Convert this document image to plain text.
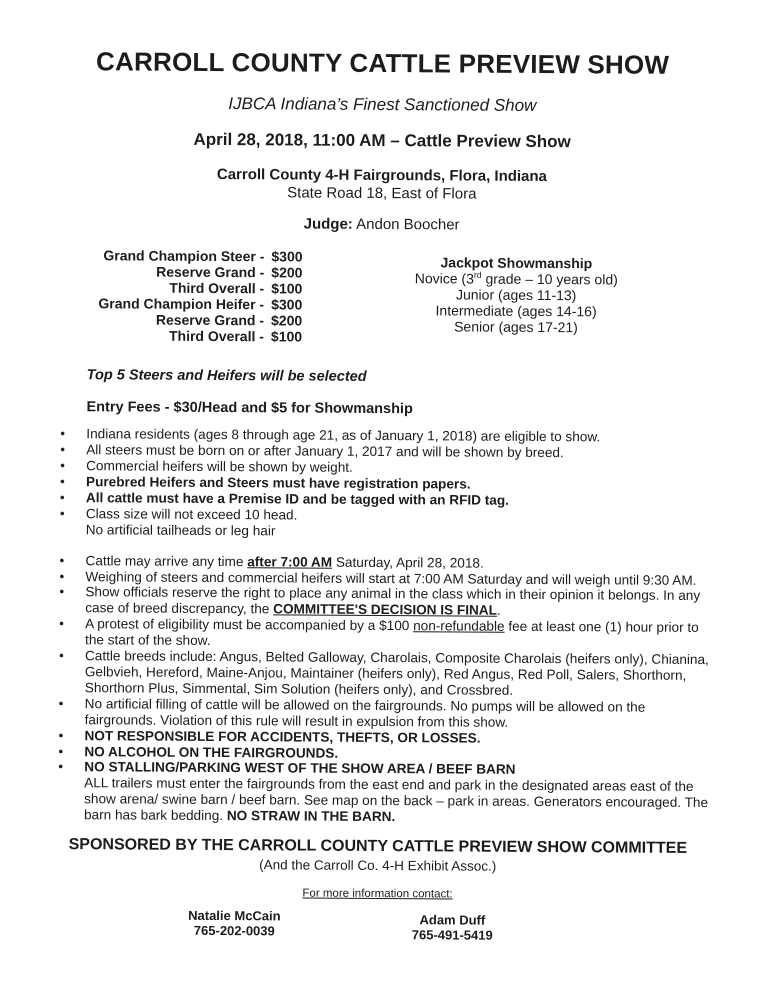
CARROLL COUNTY CATTLE PREVIEW SHOW
IJBCA Indiana’s Finest Sanctioned Show
April 28, 2018, 11:00 AM – Cattle Preview Show
Carroll County 4-H Fairgrounds, Flora, Indiana
State Road 18, East of Flora
Judge: Andon Boocher
Grand Champion Steer - $300
Reserve Grand - $200
Third Overall - $100
Grand Champion Heifer - $300
Reserve Grand - $200
Third Overall - $100
Jackpot Showmanship
Novice (3rd grade – 10 years old)
Junior (ages 11-13)
Intermediate (ages 14-16)
Senior (ages 17-21)
Top 5 Steers and Heifers will be selected
Entry Fees - $30/Head and $5 for Showmanship
•	Indiana residents (ages 8 through age 21, as of January 1, 2018) are eligible to show.
•	All steers must be born on or after January 1, 2017 and will be shown by breed.
•	Commercial heifers will be shown by weight.
•	Purebred Heifers and Steers must have registration papers.
•	All cattle must have a Premise ID and be tagged with an RFID tag.
•	Class size will not exceed 10 head.
No artificial tailheads or leg hair
•	Cattle may arrive any time after 7:00 AM Saturday, April 28, 2018.
•	Weighing of steers and commercial heifers will start at 7:00 AM Saturday and will weigh until 9:30 AM.
•	Show officials reserve the right to place any animal in the class which in their opinion it belongs. In any case of breed discrepancy, the COMMITTEE'S DECISION IS FINAL.
•	A protest of eligibility must be accompanied by a $100 non-refundable fee at least one (1) hour prior to the start of the show.
•	Cattle breeds include: Angus, Belted Galloway, Charolais, Composite Charolais (heifers only), Chianina, Gelbvieh, Hereford, Maine-Anjou, Maintainer (heifers only), Red Angus, Red Poll, Salers, Shorthorn, Shorthorn Plus, Simmental, Sim Solution (heifers only), and Crossbred.
•	No artificial filling of cattle will be allowed on the fairgrounds. No pumps will be allowed on the fairgrounds. Violation of this rule will result in expulsion from this show.
•	NOT RESPONSIBLE FOR ACCIDENTS, THEFTS, OR LOSSES.
•	NO ALCOHOL ON THE FAIRGROUNDS.
•	NO STALLING/PARKING WEST OF THE SHOW AREA / BEEF BARN
ALL trailers must enter the fairgrounds from the east end and park in the designated areas east of the show arena/ swine barn / beef barn. See map on the back – park in areas. Generators encouraged. The barn has bark bedding. NO STRAW IN THE BARN.
SPONSORED BY THE CARROLL COUNTY CATTLE PREVIEW SHOW COMMITTEE
(And the Carroll Co. 4-H Exhibit Assoc.)
For more information contact:
Natalie McCain
765-202-0039
Adam Duff
765-491-5419
